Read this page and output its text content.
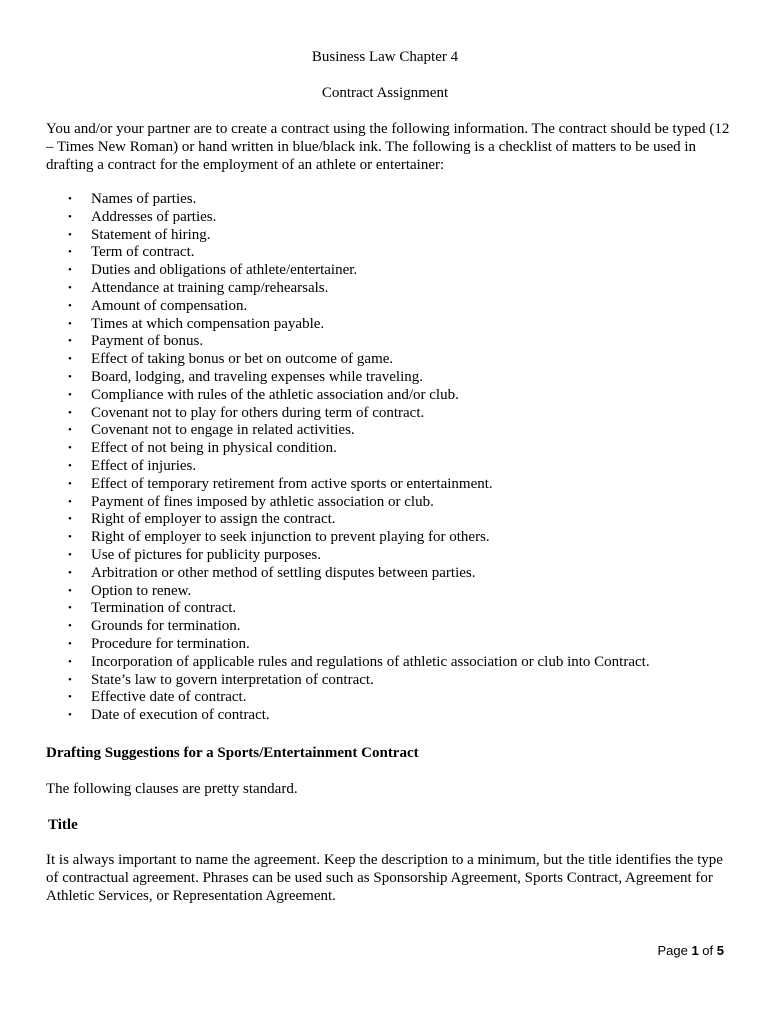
Business Law Chapter 4
Contract Assignment

You and/or your partner are to create a contract using the following information. The contract should be typed (12 – Times New Roman) or hand written in blue/black ink. The following is a checklist of matters to be used in drafting a contract for the employment of an athlete or entertainer:

• Names of parties.
• Addresses of parties.
• Statement of hiring.
• Term of contract.
• Duties and obligations of athlete/entertainer.
• Attendance at training camp/rehearsals.
• Amount of compensation.
• Times at which compensation payable.
• Payment of bonus.
• Effect of taking bonus or bet on outcome of game.
• Board, lodging, and traveling expenses while traveling.
• Compliance with rules of the athletic association and/or club.
• Covenant not to play for others during term of contract.
• Covenant not to engage in related activities.
• Effect of not being in physical condition.
• Effect of injuries.
• Effect of temporary retirement from active sports or entertainment.
• Payment of fines imposed by athletic association or club.
• Right of employer to assign the contract.
• Right of employer to seek injunction to prevent playing for others.
• Use of pictures for publicity purposes.
• Arbitration or other method of settling disputes between parties.
• Option to renew.
• Termination of contract.
• Grounds for termination.
• Procedure for termination.
• Incorporation of applicable rules and regulations of athletic association or club into Contract.
• State’s law to govern interpretation of contract.
• Effective date of contract.
• Date of execution of contract.
Drafting Suggestions for a Sports/Entertainment Contract

The following clauses are pretty standard.

Title

It is always important to name the agreement. Keep the description to a minimum, but the title identifies the type of contractual agreement. Phrases can be used such as Sponsorship Agreement, Sports Contract, Agreement for Athletic Services, or Representation Agreement.

Page 1 of 5
